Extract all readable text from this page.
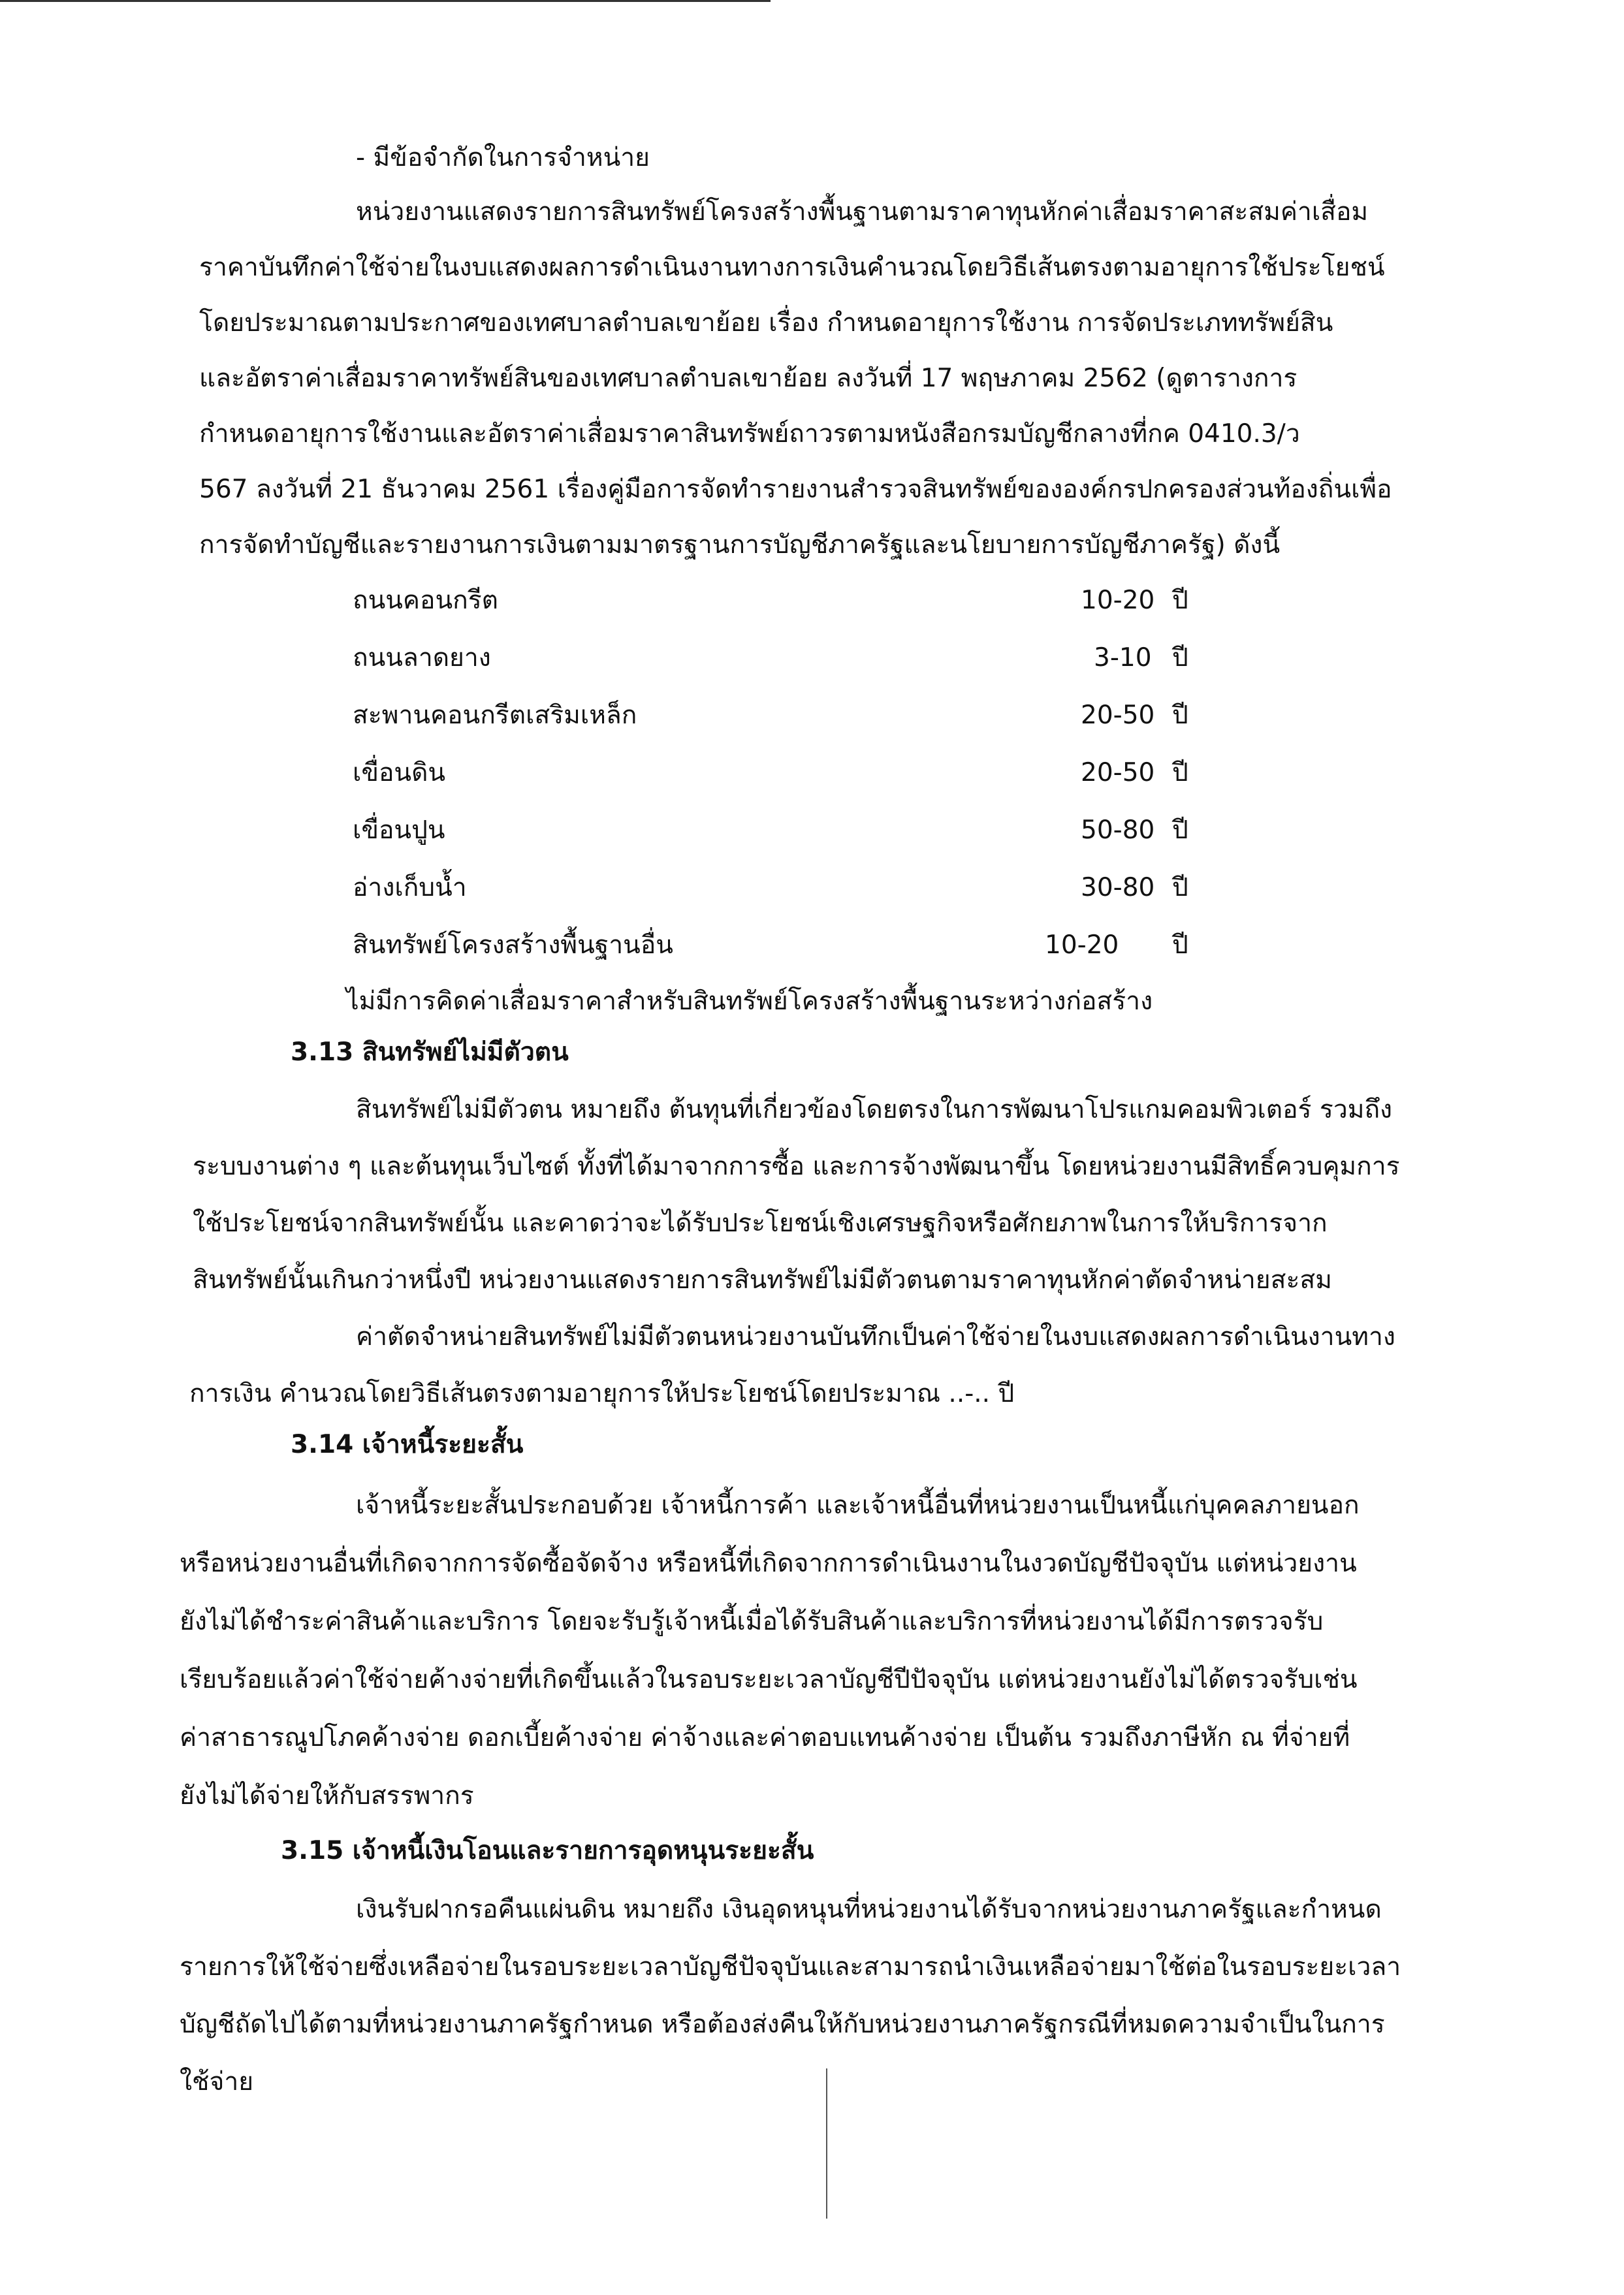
- มีข้อจำกัดในการจำหน่าย
หน่วยงานแสดงรายการสินทรัพย์โครงสร้างพื้นฐานตามราคาทุนหักค่าเสื่อมราคาสะสมค่าเสื่อม
ราคาบันทึกค่าใช้จ่ายในงบแสดงผลการดำเนินงานทางการเงินคำนวณโดยวิธีเส้นตรงตามอายุการใช้ประโยชน์
โดยประมาณตามประกาศของเทศบาลตำบลเขาย้อย เรื่อง กำหนดอายุการใช้งาน การจัดประเภททรัพย์สิน
และอัตราค่าเสื่อมราคาทรัพย์สินของเทศบาลตำบลเขาย้อย ลงวันที่ 17 พฤษภาคม 2562 (ดูตารางการ
กำหนดอายุการใช้งานและอัตราค่าเสื่อมราคาสินทรัพย์ถาวรตามหนังสือกรมบัญชีกลางที่กค 0410.3/ว
567 ลงวันที่ 21 ธันวาคม 2561 เรื่องคู่มือการจัดทำรายงานสำรวจสินทรัพย์ขององค์กรปกครองส่วนท้องถิ่นเพื่อ
การจัดทำบัญชีและรายงานการเงินตามมาตรฐานการบัญชีภาครัฐและนโยบายการบัญชีภาครัฐ) ดังนี้
ถนนคอนกรีต	10-20 ปี
ถนนลาดยาง	3-10 ปี
สะพานคอนกรีตเสริมเหล็ก	20-50 ปี
เขื่อนดิน	20-50 ปี
เขื่อนปูน	50-80 ปี
อ่างเก็บน้ำ	30-80 ปี
สินทรัพย์โครงสร้างพื้นฐานอื่น	10-20 ปี
ไม่มีการคิดค่าเสื่อมราคาสำหรับสินทรัพย์โครงสร้างพื้นฐานระหว่างก่อสร้าง
3.13 สินทรัพย์ไม่มีตัวตน
สินทรัพย์ไม่มีตัวตน หมายถึง ต้นทุนที่เกี่ยวข้องโดยตรงในการพัฒนาโปรแกมคอมพิวเตอร์ รวมถึง
ระบบงานต่าง ๆ และต้นทุนเว็บไซต์ ทั้งที่ได้มาจากการซื้อ และการจ้างพัฒนาขึ้น โดยหน่วยงานมีสิทธิ์ควบคุมการ
ใช้ประโยชน์จากสินทรัพย์นั้น และคาดว่าจะได้รับประโยชน์เชิงเศรษฐกิจหรือศักยภาพในการให้บริการจาก
สินทรัพย์นั้นเกินกว่าหนึ่งปี หน่วยงานแสดงรายการสินทรัพย์ไม่มีตัวตนตามราคาทุนหักค่าตัดจำหน่ายสะสม
ค่าตัดจำหน่ายสินทรัพย์ไม่มีตัวตนหน่วยงานบันทึกเป็นค่าใช้จ่ายในงบแสดงผลการดำเนินงานทาง
การเงิน คำนวณโดยวิธีเส้นตรงตามอายุการให้ประโยชน์โดยประมาณ ..-.. ปี
3.14 เจ้าหนี้ระยะสั้น
เจ้าหนี้ระยะสั้นประกอบด้วย เจ้าหนี้การค้า และเจ้าหนี้อื่นที่หน่วยงานเป็นหนี้แก่บุคคลภายนอก
หรือหน่วยงานอื่นที่เกิดจากการจัดซื้อจัดจ้าง หรือหนี้ที่เกิดจากการดำเนินงานในงวดบัญชีปัจจุบัน แต่หน่วยงาน
ยังไม่ได้ชำระค่าสินค้าและบริการ โดยจะรับรู้เจ้าหนี้เมื่อได้รับสินค้าและบริการที่หน่วยงานได้มีการตรวจรับ
เรียบร้อยแล้วค่าใช้จ่ายค้างจ่ายที่เกิดขึ้นแล้วในรอบระยะเวลาบัญชีปีปัจจุบัน แต่หน่วยงานยังไม่ได้ตรวจรับเช่น
ค่าสาธารณูปโภคค้างจ่าย ดอกเบี้ยค้างจ่าย ค่าจ้างและค่าตอบแทนค้างจ่าย เป็นต้น รวมถึงภาษีหัก ณ ที่จ่ายที่
ยังไม่ได้จ่ายให้กับสรรพากร
3.15 เจ้าหนี้เงินโอนและรายการอุดหนุนระยะสั้น
เงินรับฝากรอคืนแผ่นดิน หมายถึง เงินอุดหนุนที่หน่วยงานได้รับจากหน่วยงานภาครัฐและกำหนด
รายการให้ใช้จ่ายซึ่งเหลือจ่ายในรอบระยะเวลาบัญชีปัจจุบันและสามารถนำเงินเหลือจ่ายมาใช้ต่อในรอบระยะเวลา
บัญชีถัดไปได้ตามที่หน่วยงานภาครัฐกำหนด หรือต้องส่งคืนให้กับหน่วยงานภาครัฐกรณีที่หมดความจำเป็นในการ
ใช้จ่าย
